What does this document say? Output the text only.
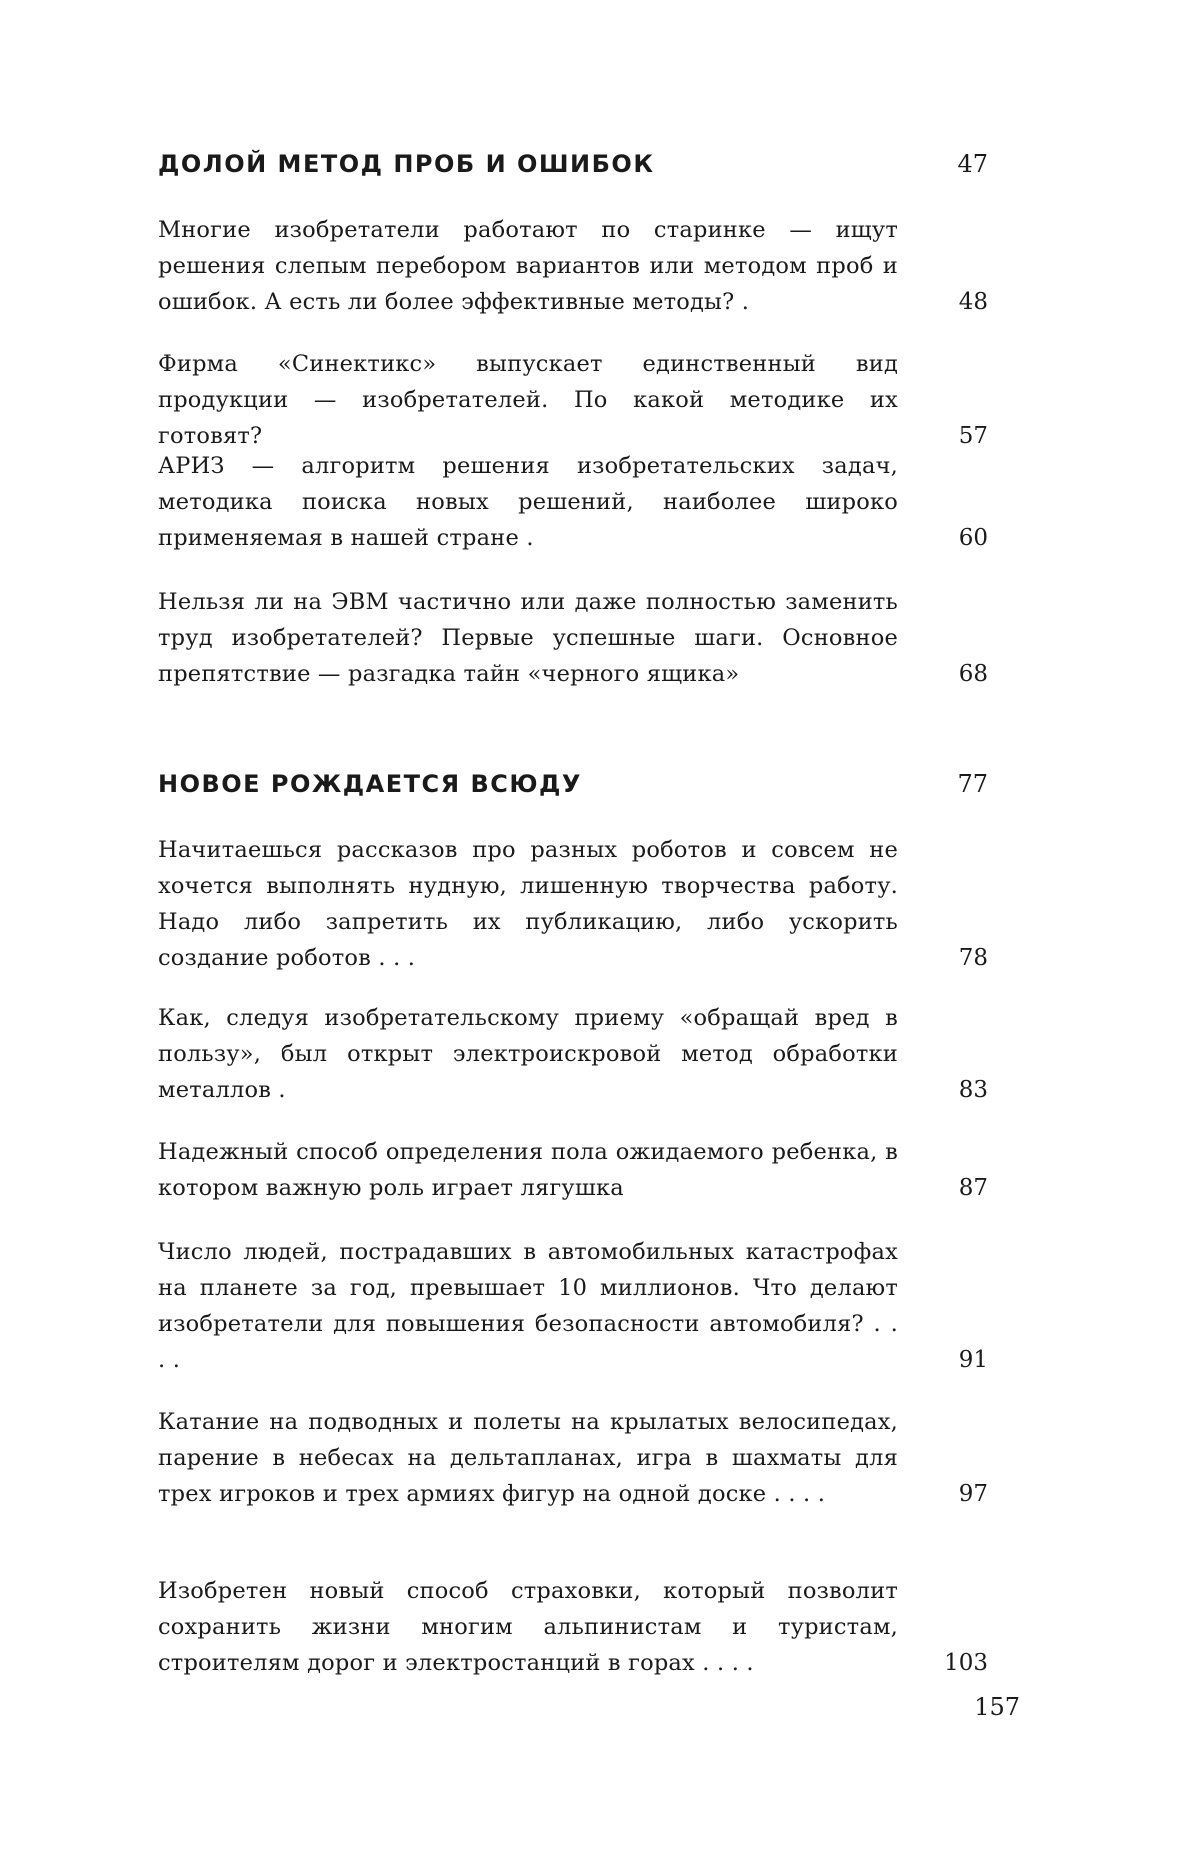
ДОЛОЙ МЕТОД ПРОБ И ОШИБОК	47
Многие изобретатели работают по старинке — ищут решения слепым перебором вариантов или методом проб и ошибок. А есть ли более эффективные методы? .	48
Фирма «Синектикс» выпускает единственный вид продукции — изобретателей. По какой методике их готовят?	57
АРИЗ — алгоритм решения изобретательских задач, методика поиска новых решений, наиболее широко применяемая в нашей стране .	60
Нельзя ли на ЭВМ частично или даже полностью заменить труд изобретателей? Первые успешные шаги. Основное препятствие — разгадка тайн «черного ящика»	68
НОВОЕ РОЖДАЕТСЯ ВСЮДУ	77
Начитаешься рассказов про разных роботов и совсем не хочется выполнять нудную, лишенную творчества работу. Надо либо запретить их публикацию, либо ускорить создание роботов . . .	78
Как, следуя изобретательскому приему «обращай вред в пользу», был открыт электроискровой метод обработки металлов .	83
Надежный способ определения пола ожидаемого ребенка, в котором важную роль играет лягушка	87
Число людей, пострадавших в автомобильных катастрофах на планете за год, превышает 10 миллионов. Что делают изобретатели для повышения безопасности автомобиля? . . . .	91
Катание на подводных и полеты на крылатых велосипедах, парение в небесах на дельтапланах, игра в шахматы для трех игроков и трех армиях фигур на одной доске . . . .	97
Изобретен новый способ страховки, который позволит сохранить жизни многим альпинистам и туристам, строителям дорог и электростанций в горах . . . .	103
157
